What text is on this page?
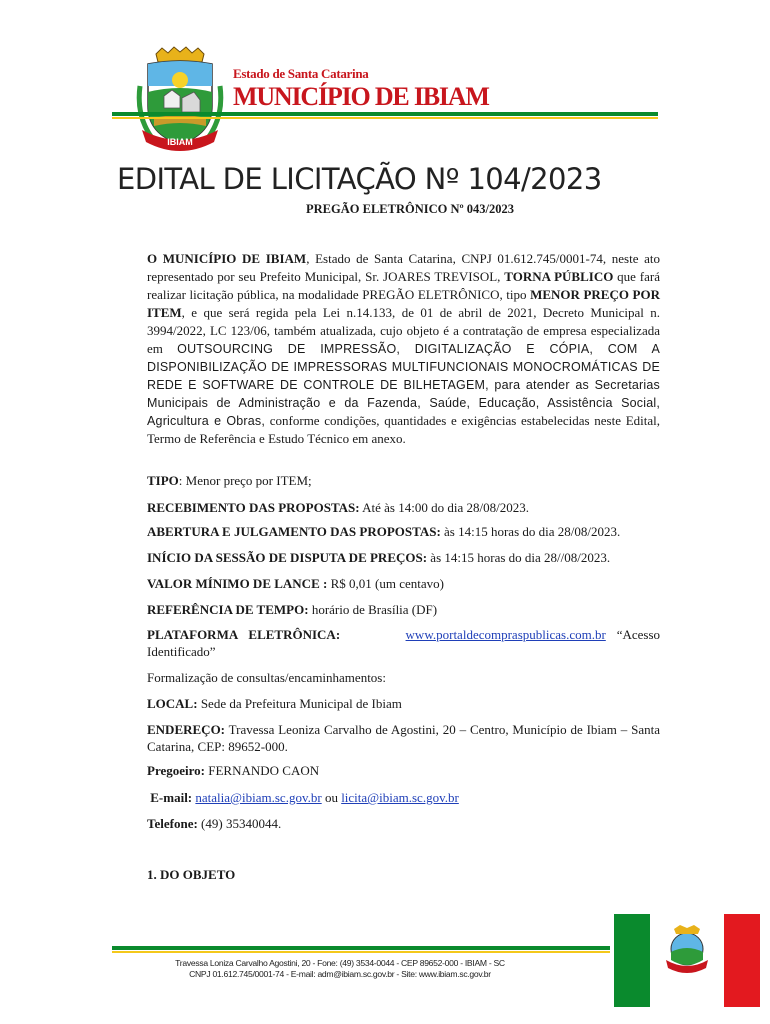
IBIAM
Estado de Santa Catarina
MUNICÍPIO DE IBIAM
EDITAL DE LICITAÇÃO Nº 104/2023
PREGÃO ELETRÔNICO Nº 043/2023
O MUNICÍPIO DE IBIAM, Estado de Santa Catarina, CNPJ 01.612.745/0001-74, neste ato representado por seu Prefeito Municipal, Sr. JOARES TREVISOL, TORNA PÚBLICO que fará realizar licitação pública, na modalidade PREGÃO ELETRÔNICO, tipo MENOR PREÇO POR ITEM, e que será regida pela Lei n.14.133, de 01 de abril de 2021, Decreto Municipal n. 3994/2022, LC 123/06, também atualizada, cujo objeto é a contratação de empresa especializada em OUTSOURCING DE IMPRESSÃO, DIGITALIZAÇÃO E CÓPIA, COM A DISPONIBILIZAÇÃO DE IMPRESSORAS MULTIFUNCIONAIS MONOCROMÁTICAS DE REDE E SOFTWARE DE CONTROLE DE BILHETAGEM, para atender as Secretarias Municipais de Administração e da Fazenda, Saúde, Educação, Assistência Social, Agricultura e Obras, conforme condições, quantidades e exigências estabelecidas neste Edital, Termo de Referência e Estudo Técnico em anexo.
TIPO: Menor preço por ITEM;
RECEBIMENTO DAS PROPOSTAS: Até às 14:00 do dia 28/08/2023.
ABERTURA E JULGAMENTO DAS PROPOSTAS: às 14:15 horas do dia 28/08/2023.
INÍCIO DA SESSÃO DE DISPUTA DE PREÇOS: às 14:15 horas do dia 28//08/2023.
VALOR MÍNIMO DE LANCE : R$ 0,01 (um centavo)
REFERÊNCIA DE TEMPO: horário de Brasília (DF)
PLATAFORMA ELETRÔNICA:	www.portaldecompraspublicas.com.br “Acesso Identificado”
Formalização de consultas/encaminhamentos:
LOCAL: Sede da Prefeitura Municipal de Ibiam
ENDEREÇO: Travessa Leoniza Carvalho de Agostini, 20 – Centro, Município de Ibiam – Santa Catarina, CEP: 89652-000.
Pregoeiro: FERNANDO CAON
E-mail: natalia@ibiam.sc.gov.br ou licita@ibiam.sc.gov.br
Telefone: (49) 35340044.
1. DO OBJETO
Travessa Loniza Carvalho Agostini, 20 - Fone: (49) 3534-0044 - CEP 89652-000 - IBIAM - SC
CNPJ 01.612.745/0001-74 - E-mail: adm@ibiam.sc.gov.br - Site: www.ibiam.sc.gov.br
